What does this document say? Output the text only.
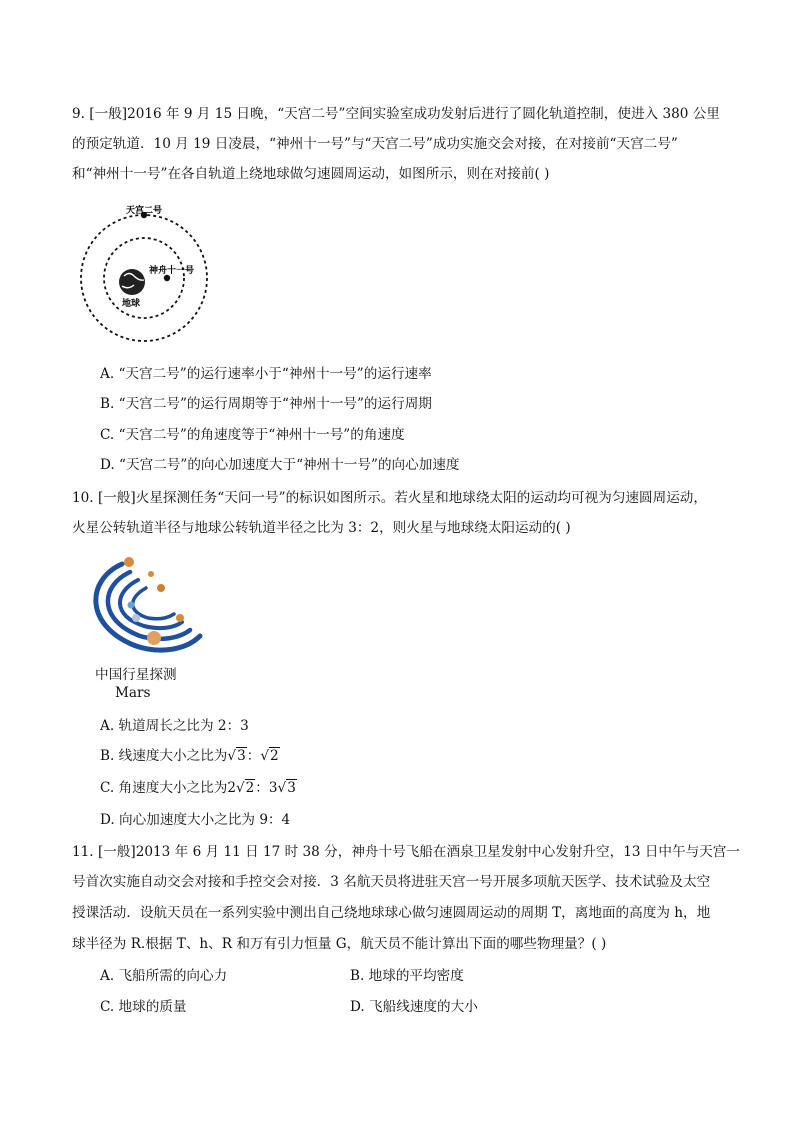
9. [一般]2016 年 9 月 15 日晚，“天宫二号”空间实验室成功发射后进行了圆化轨道控制，使进入 380 公里
的预定轨道．10 月 19 日凌晨，“神州十一号”与“天宫二号”成功实施交会对接，在对接前“天宫二号”
和“神州十一号”在各自轨道上绕地球做匀速圆周运动，如图所示，则在对接前( )
天宫二号
神舟十一号
地球
A. “天宫二号”的运行速率小于“神州十一号”的运行速率
B. “天宫二号”的运行周期等于“神州十一号”的运行周期
C. “天宫二号”的角速度等于“神州十一号”的角速度
D. “天宫二号”的向心加速度大于“神州十一号”的向心加速度
10. [一般]火星探测任务“天问一号”的标识如图所示。若火星和地球绕太阳的运动均可视为匀速圆周运动，
火星公转轨道半径与地球公转轨道半径之比为 3：2，则火星与地球绕太阳运动的( )
中国行星探测
Mars
A. 轨道周长之比为 2：3
B. 线速度大小之比为√3：√2
C. 角速度大小之比为2√2：3√3
D. 向心加速度大小之比为 9：4
11. [一般]2013 年 6 月 11 日 17 时 38 分，神舟十号飞船在酒泉卫星发射中心发射升空，13 日中午与天宫一
号首次实施自动交会对接和手控交会对接．3 名航天员将进驻天宫一号开展多项航天医学、技术试验及太空
授课活动．设航天员在一系列实验中测出自己绕地球球心做匀速圆周运动的周期 T，离地面的高度为 h，地
球半径为 R.根据 T、h、R 和万有引力恒量 G，航天员不能计算出下面的哪些物理量？( )
A. 飞船所需的向心力	B. 地球的平均密度
C. 地球的质量	D. 飞船线速度的大小
